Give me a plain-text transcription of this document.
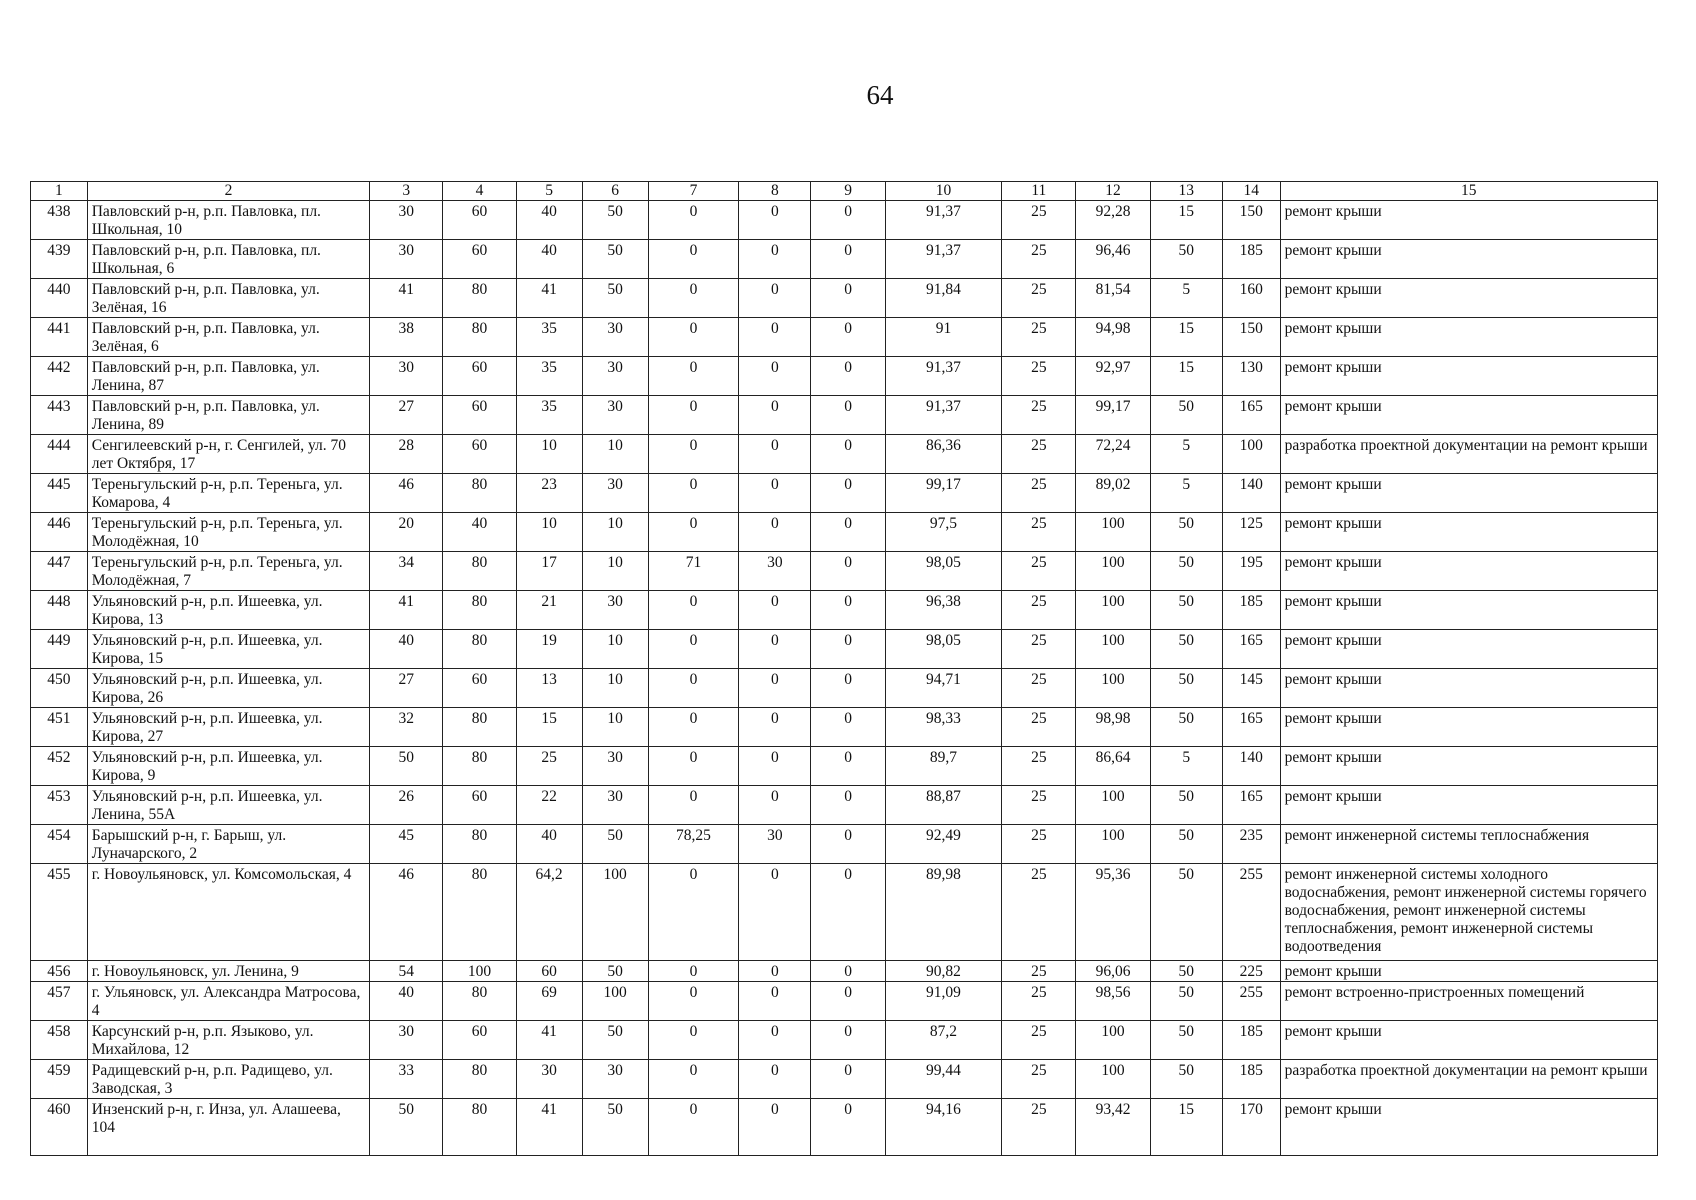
64
1	2	3	4	5	6	7	8	9	10	11	12	13	14	15
438	Павловский р-н, р.п. Павловка, пл. Школьная, 10	30	60	40	50	0	0	0	91,37	25	92,28	15	150	ремонт крыши
439	Павловский р-н, р.п. Павловка, пл. Школьная, 6	30	60	40	50	0	0	0	91,37	25	96,46	50	185	ремонт крыши
440	Павловский р-н, р.п. Павловка, ул. Зелёная, 16	41	80	41	50	0	0	0	91,84	25	81,54	5	160	ремонт крыши
441	Павловский р-н, р.п. Павловка, ул. Зелёная, 6	38	80	35	30	0	0	0	91	25	94,98	15	150	ремонт крыши
442	Павловский р-н, р.п. Павловка, ул. Ленина, 87	30	60	35	30	0	0	0	91,37	25	92,97	15	130	ремонт крыши
443	Павловский р-н, р.п. Павловка, ул. Ленина, 89	27	60	35	30	0	0	0	91,37	25	99,17	50	165	ремонт крыши
444	Сенгилеевский р-н, г. Сенгилей, ул. 70 лет Октября, 17	28	60	10	10	0	0	0	86,36	25	72,24	5	100	разработка проектной документации на ремонт крыши
445	Тереньгульский р-н, р.п. Тереньга, ул. Комарова, 4	46	80	23	30	0	0	0	99,17	25	89,02	5	140	ремонт крыши
446	Тереньгульский р-н, р.п. Тереньга, ул. Молодёжная, 10	20	40	10	10	0	0	0	97,5	25	100	50	125	ремонт крыши
447	Тереньгульский р-н, р.п. Тереньга, ул. Молодёжная, 7	34	80	17	10	71	30	0	98,05	25	100	50	195	ремонт крыши
448	Ульяновский р-н, р.п. Ишеевка, ул. Кирова, 13	41	80	21	30	0	0	0	96,38	25	100	50	185	ремонт крыши
449	Ульяновский р-н, р.п. Ишеевка, ул. Кирова, 15	40	80	19	10	0	0	0	98,05	25	100	50	165	ремонт крыши
450	Ульяновский р-н, р.п. Ишеевка, ул. Кирова, 26	27	60	13	10	0	0	0	94,71	25	100	50	145	ремонт крыши
451	Ульяновский р-н, р.п. Ишеевка, ул. Кирова, 27	32	80	15	10	0	0	0	98,33	25	98,98	50	165	ремонт крыши
452	Ульяновский р-н, р.п. Ишеевка, ул. Кирова, 9	50	80	25	30	0	0	0	89,7	25	86,64	5	140	ремонт крыши
453	Ульяновский р-н, р.п. Ишеевка, ул. Ленина, 55А	26	60	22	30	0	0	0	88,87	25	100	50	165	ремонт крыши
454	Барышский р-н, г. Барыш, ул. Луначарского, 2	45	80	40	50	78,25	30	0	92,49	25	100	50	235	ремонт инженерной системы теплоснабжения
455	г. Новоульяновск, ул. Комсомольская, 4	46	80	64,2	100	0	0	0	89,98	25	95,36	50	255	ремонт инженерной системы холодного водоснабжения, ремонт инженерной системы горячего водоснабжения, ремонт инженерной системы теплоснабжения, ремонт инженерной системы водоотведения
456	г. Новоульяновск, ул. Ленина, 9	54	100	60	50	0	0	0	90,82	25	96,06	50	225	ремонт крыши
457	г. Ульяновск, ул. Александра Матросова, 4	40	80	69	100	0	0	0	91,09	25	98,56	50	255	ремонт встроенно-пристроенных помещений
458	Карсунский р-н, р.п. Языково, ул. Михайлова, 12	30	60	41	50	0	0	0	87,2	25	100	50	185	ремонт крыши
459	Радищевский р-н, р.п. Радищево, ул. Заводская, 3	33	80	30	30	0	0	0	99,44	25	100	50	185	разработка проектной документации на ремонт крыши
460	Инзенский р-н, г. Инза, ул. Алашеева, 104	50	80	41	50	0	0	0	94,16	25	93,42	15	170	ремонт крыши
